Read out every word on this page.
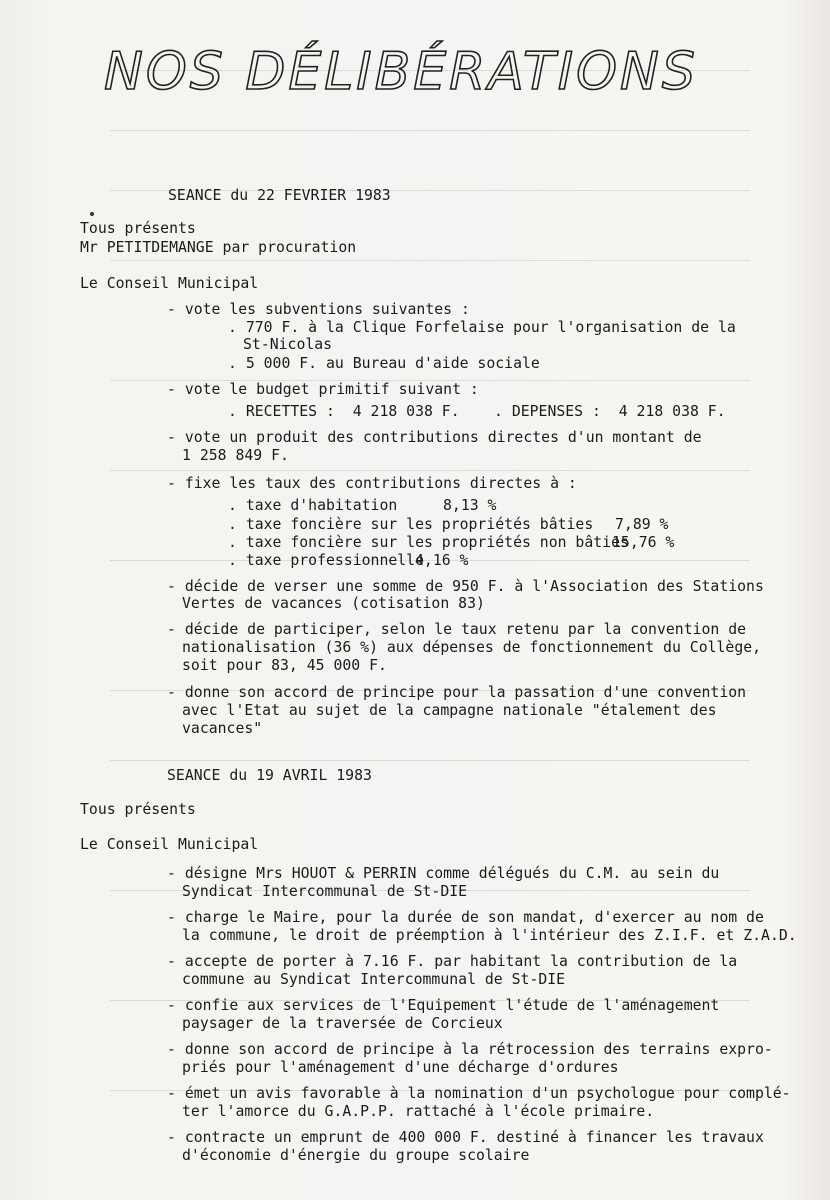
NOS DÉLIBÉRATIONS
SEANCE du 22 FEVRIER 1983
Tous présents
Mr PETITDEMANGE par procuration
Le Conseil Municipal
- vote les subventions suivantes :
. 770 F. à la Clique Forfelaise pour l'organisation de la
St-Nicolas
. 5 000 F. au Bureau d'aide sociale
- vote le budget primitif suivant :
. RECETTES :  4 218 038 F. . DEPENSES :  4 218 038 F.
- vote un produit des contributions directes d'un montant de
1 258 849 F.
- fixe les taux des contributions directes à :
. taxe d'habitation	8,13 %
. taxe foncière sur les propriétés bâties 7,89 %
. taxe foncière sur les propriétés non bâties
15,76 %
. taxe professionnelle
4,16 %
- décide de verser une somme de 950 F. à l'Association des Stations
Vertes de vacances (cotisation 83)
- décide de participer, selon le taux retenu par la convention de
nationalisation (36 %) aux dépenses de fonctionnement du Collège,
soit pour 83, 45 000 F.
- donne son accord de principe pour la passation d'une convention
avec l'Etat au sujet de la campagne nationale "étalement des
vacances"
SEANCE du 19 AVRIL 1983
Tous présents
Le Conseil Municipal
- désigne Mrs HOUOT & PERRIN comme délégués du C.M. au sein du
Syndicat Intercommunal de St-DIE
- charge le Maire, pour la durée de son mandat, d'exercer au nom de
la commune, le droit de préemption à l'intérieur des Z.I.F. et Z.A.D.
- accepte de porter à 7.16 F. par habitant la contribution de la
commune au Syndicat Intercommunal de St-DIE
- confie aux services de l'Equipement l'étude de l'aménagement
paysager de la traversée de Corcieux
- donne son accord de principe à la rétrocession des terrains expro-
priés pour l'aménagement d'une décharge d'ordures
- émet un avis favorable à la nomination d'un psychologue pour complé-
ter l'amorce du G.A.P.P. rattaché à l'école primaire.
- contracte un emprunt de 400 000 F. destiné à financer les travaux
d'économie d'énergie du groupe scolaire
